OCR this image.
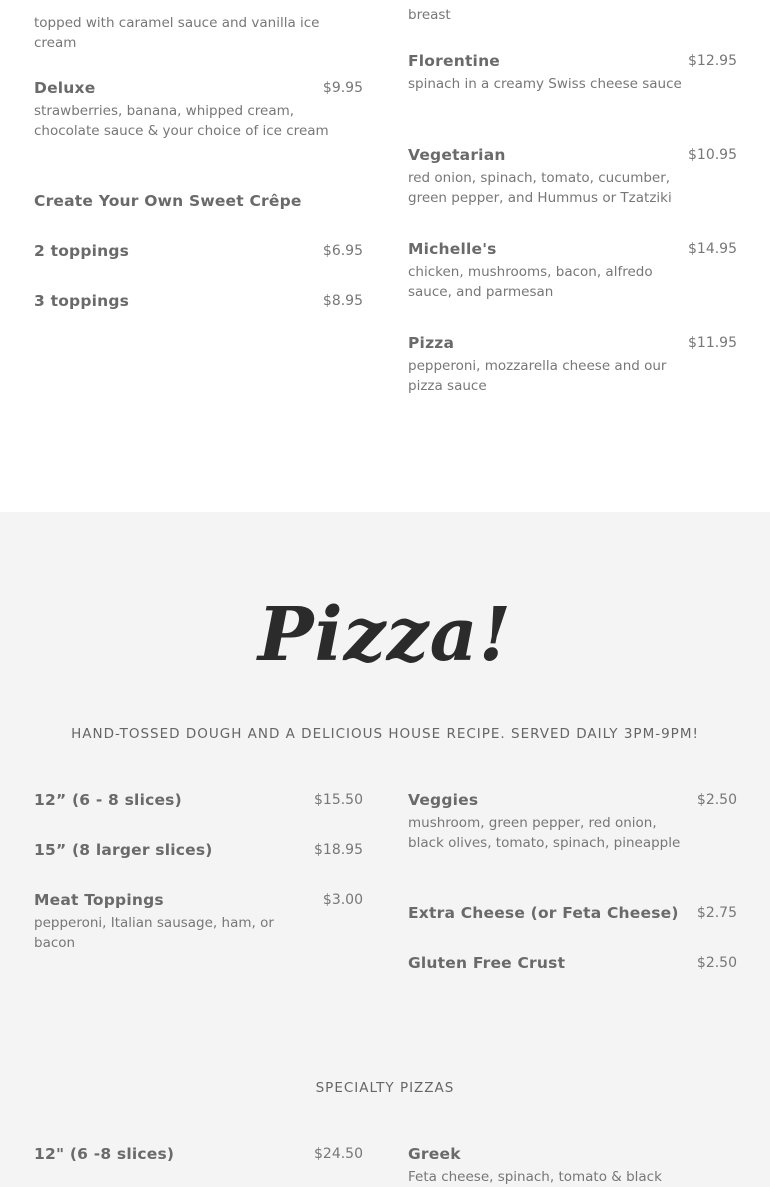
topped with caramel sauce and vanilla ice cream
Deluxe	$9.95
strawberries, banana, whipped cream, chocolate sauce & your choice of ice cream
Create Your Own Sweet Crêpe
2 toppings	$6.95
3 toppings	$8.95
breast
Florentine	$12.95
spinach in a creamy Swiss cheese sauce
Vegetarian	$10.95
red onion, spinach, tomato, cucumber, green pepper, and Hummus or Tzatziki
Michelle's	$14.95
chicken, mushrooms, bacon, alfredo sauce, and parmesan
Pizza	$11.95
pepperoni, mozzarella cheese and our pizza sauce
Pizza!
HAND-TOSSED DOUGH AND A DELICIOUS HOUSE RECIPE. SERVED DAILY 3PM-9PM!
12” (6 - 8 slices)	$15.50
15” (8 larger slices)	$18.95
Meat Toppings	$3.00
pepperoni, Italian sausage, ham, or bacon
Veggies	$2.50
mushroom, green pepper, red onion, black olives, tomato, spinach, pineapple
Extra Cheese (or Feta Cheese)	$2.75
Gluten Free Crust	$2.50
SPECIALTY PIZZAS
12" (6 -8 slices)	$24.50	Greek
Feta cheese, spinach, tomato & black
